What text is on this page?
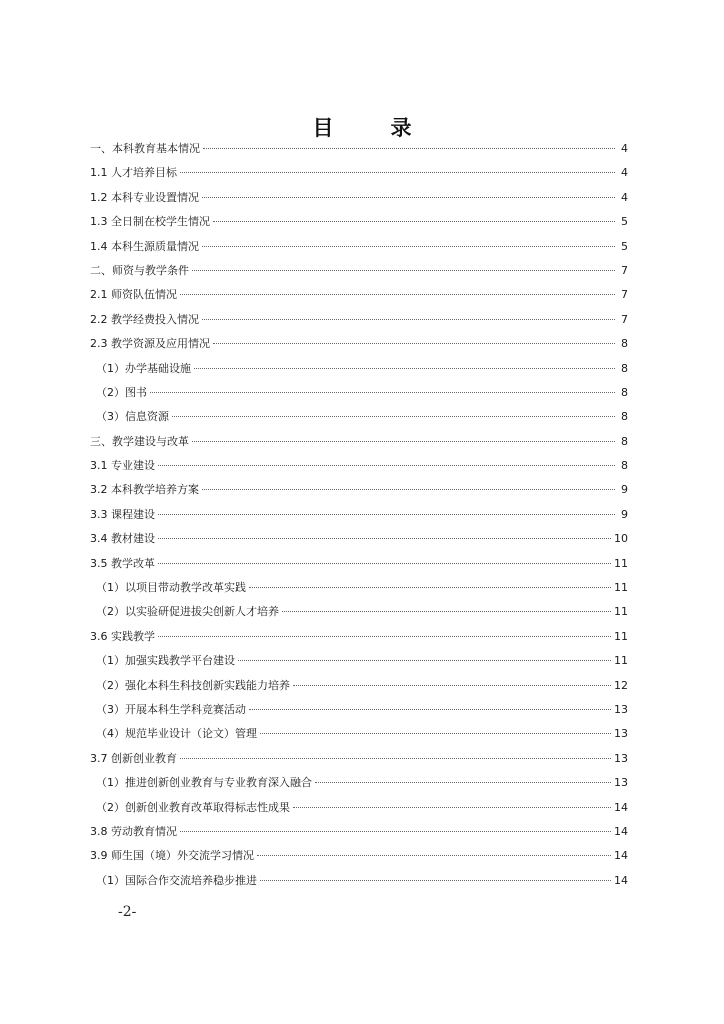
目　录
一、本科教育基本情况	4
1.1 人才培养目标	4
1.2 本科专业设置情况	4
1.3 全日制在校学生情况	5
1.4 本科生源质量情况	5
二、师资与教学条件	7
2.1 师资队伍情况	7
2.2 教学经费投入情况	7
2.3 教学资源及应用情况	8
（1）办学基础设施	8
（2）图书	8
（3）信息资源	8
三、教学建设与改革	8
3.1 专业建设	8
3.2 本科教学培养方案	9
3.3 课程建设	9
3.4 教材建设	10
3.5 教学改革	11
（1）以项目带动教学改革实践	11
（2）以实验研促进拔尖创新人才培养	11
3.6 实践教学	11
（1）加强实践教学平台建设	11
（2）强化本科生科技创新实践能力培养	12
（3）开展本科生学科竞赛活动	13
（4）规范毕业设计（论文）管理	13
3.7 创新创业教育	13
（1）推进创新创业教育与专业教育深入融合	13
（2）创新创业教育改革取得标志性成果	14
3.8 劳动教育情况	14
3.9 师生国（境）外交流学习情况	14
（1）国际合作交流培养稳步推进	14
-2-
